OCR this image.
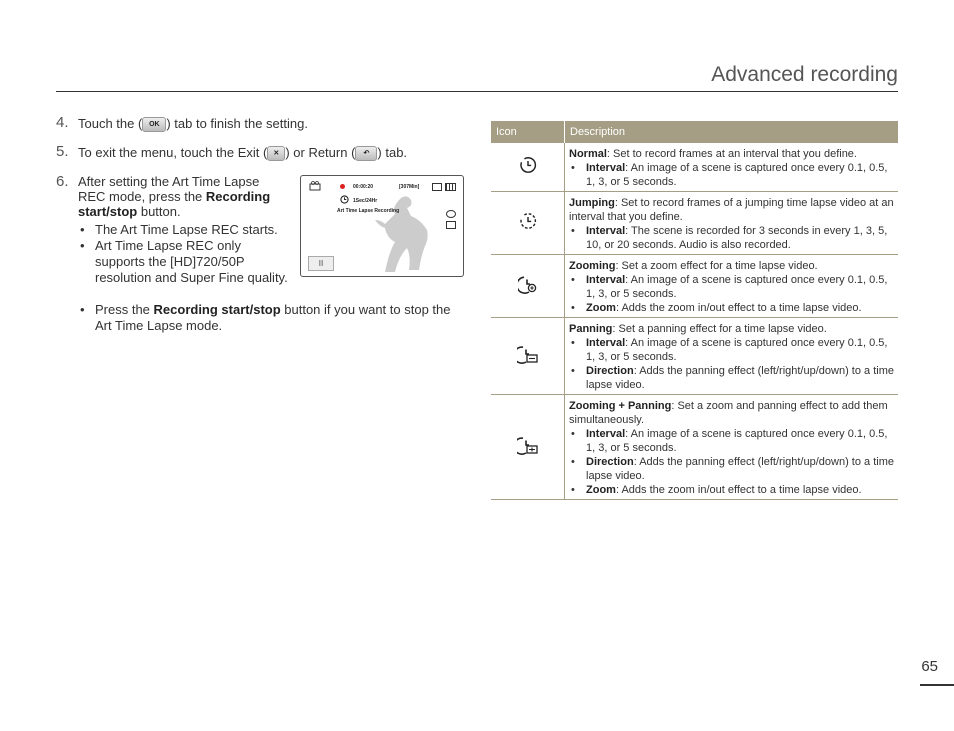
Advanced recording
4. Touch the ( OK ) tab to finish the setting.
5. To exit the menu, touch the Exit ( ✕ ) or Return ( ↶ ) tab.
6. After setting the Art Time Lapse REC mode, press the Recording start/stop button.
• The Art Time Lapse REC starts.
• Art Time Lapse REC only supports the [HD]720/50P resolution and Super Fine quality.
• Press the Recording start/stop button if you want to stop the Art Time Lapse mode.
00:00:20	[307Min]
1Sec/24Hr
Art Time Lapse Recording
II
Icon	Description
	Normal: Set to record frames at an interval that you define.
• Interval: An image of a scene is captured once every 0.1, 0.5, 1, 3, or 5 seconds.

	Jumping: Set to record frames of a jumping time lapse video at an interval that you define.
• Interval: The scene is recorded for 3 seconds in every 1, 3, 5, 10, or 20 seconds. Audio is also recorded.

	Zooming: Set a zoom effect for a time lapse video.
• Interval: An image of a scene is captured once every 0.1, 0.5, 1, 3, or 5 seconds.
• Zoom: Adds the zoom in/out effect to a time lapse video.

	Panning: Set a panning effect for a time lapse video.
• Interval: An image of a scene is captured once every 0.1, 0.5, 1, 3, or 5 seconds.
• Direction: Adds the panning effect (left/right/up/down) to a time lapse video.

	Zooming + Panning: Set a zoom and panning effect to add them simultaneously.
• Interval: An image of a scene is captured once every 0.1, 0.5, 1, 3, or 5 seconds.
• Direction: Adds the panning effect (left/right/up/down) to a time lapse video.
• Zoom: Adds the zoom in/out effect to a time lapse video.
65
